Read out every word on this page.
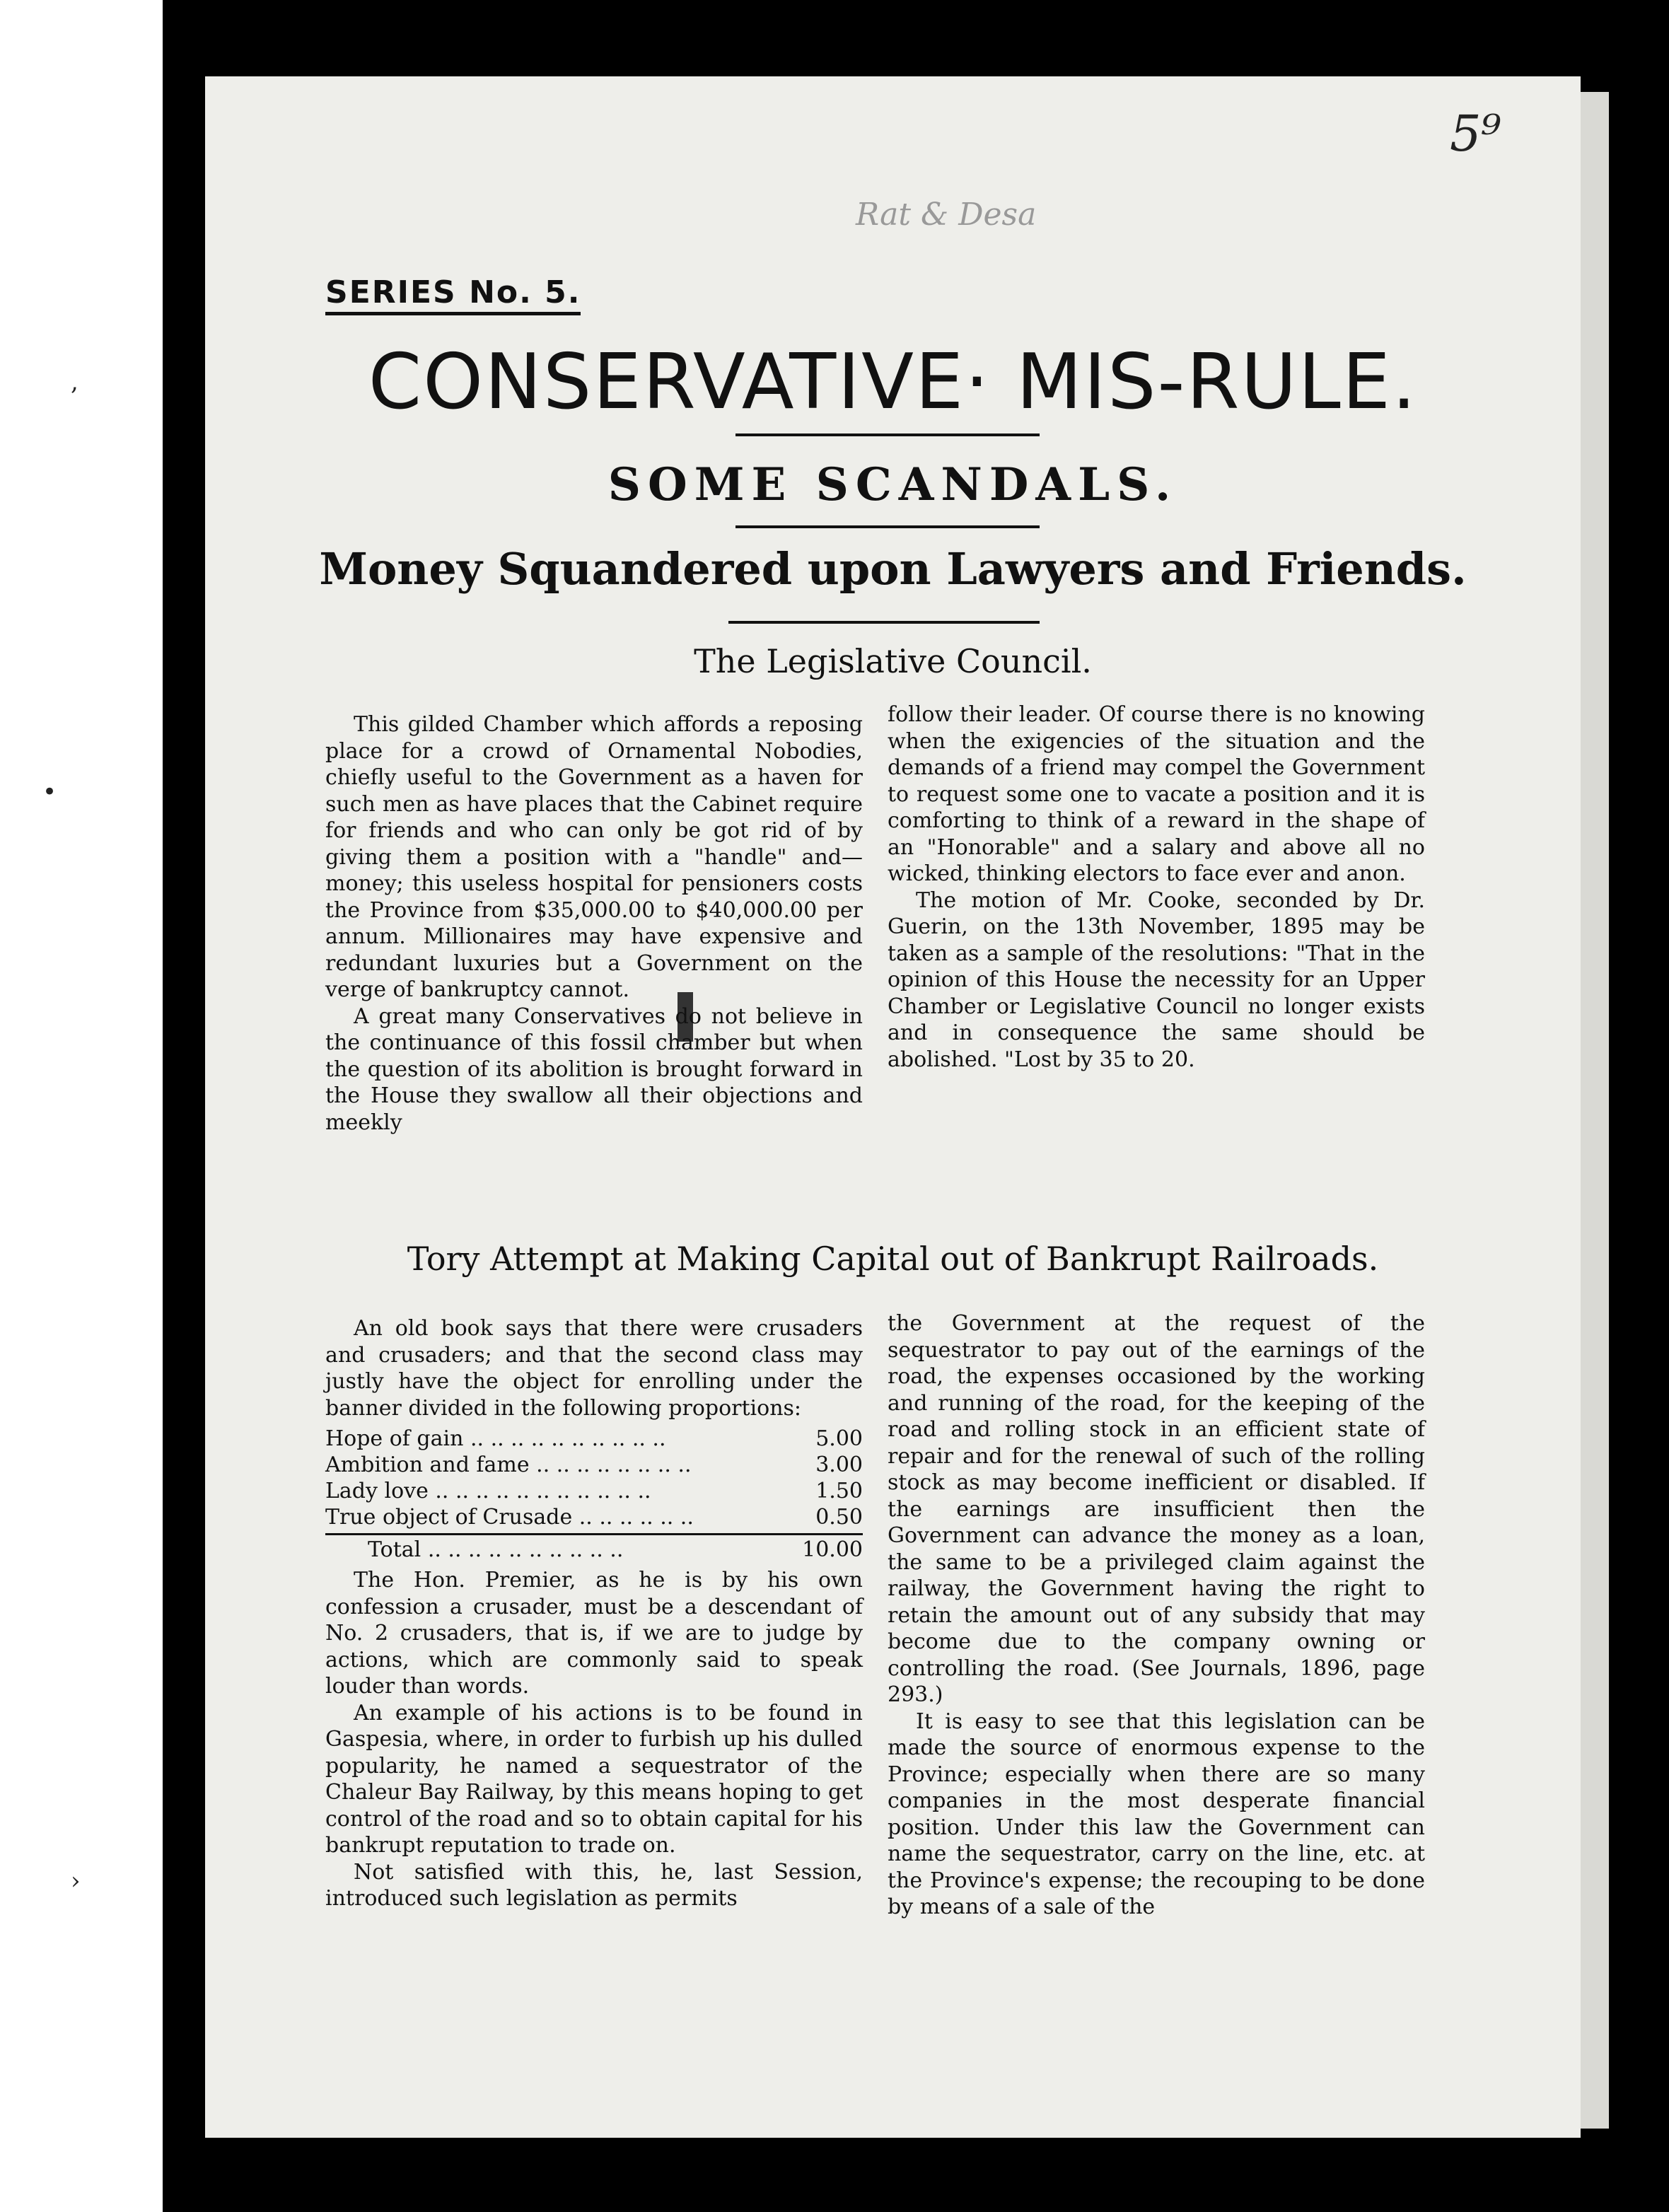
,
•
›
5⁹
Rat & Desa
SERIES No. 5.
CONSERVATIVE· MIS-RULE.
SOME SCANDALS.
Money Squandered upon Lawyers and Friends.
The Legislative Council.

This gilded Chamber which affords a reposing place for a crowd of Ornamental Nobodies, chiefly useful to the Government as a haven for such men as have places that the Cabinet require for friends and who can only be got rid of by giving them a position with a "handle" and—money; this useless hospital for pensioners costs the Province from $35,000.00 to $40,000.00 per annum. Millionaires may have expensive and redundant luxuries but a Government on the verge of bankruptcy cannot.

A great many Conservatives do not believe in the continuance of this fossil chamber but when the question of its abolition is brought forward in the House they swallow all their objections and meekly

follow their leader. Of course there is no knowing when the exigencies of the situation and the demands of a friend may compel the Government to request some one to vacate a position and it is comforting to think of a reward in the shape of an "Honorable" and a salary and above all no wicked, thinking electors to face ever and anon.

The motion of Mr. Cooke, seconded by Dr. Guerin, on the 13th November, 1895 may be taken as a sample of the resolutions: "That in the opinion of this House the necessity for an Upper Chamber or Legislative Council no longer exists and in consequence the same should be abolished. "Lost by 35 to 20.

Tory Attempt at Making Capital out of Bankrupt Railroads.

An old book says that there were crusaders and crusaders; and that the second class may justly have the object for enrolling under the banner divided in the following proportions:

Hope of gain .. .. .. .. .. .. .. .. .. ..	5.00
Ambition and fame .. .. .. .. .. .. .. ..	3.00
Lady love .. .. .. .. .. .. .. .. .. .. ..	1.50
True object of Crusade .. .. .. .. .. ..	0.50
Total .. .. .. .. .. .. .. .. .. ..	10.00

The Hon. Premier, as he is by his own confession a crusader, must be a descendant of No. 2 crusaders, that is, if we are to judge by actions, which are commonly said to speak louder than words.

An example of his actions is to be found in Gaspesia, where, in order to furbish up his dulled popularity, he named a sequestrator of the Chaleur Bay Railway, by this means hoping to get control of the road and so to obtain capital for his bankrupt reputation to trade on.

Not satisfied with this, he, last Session, introduced such legislation as permits

the Government at the request of the sequestrator to pay out of the earnings of the road, the expenses occasioned by the working and running of the road, for the keeping of the road and rolling stock in an efficient state of repair and for the renewal of such of the rolling stock as may become inefficient or disabled. If the earnings are insufficient then the Government can advance the money as a loan, the same to be a privileged claim against the railway, the Government having the right to retain the amount out of any subsidy that may become due to the company owning or controlling the road. (See Journals, 1896, page 293.)

It is easy to see that this legislation can be made the source of enormous expense to the Province; especially when there are so many companies in the most desperate financial position. Under this law the Government can name the sequestrator, carry on the line, etc. at the Province's expense; the recouping to be done by means of a sale of the
